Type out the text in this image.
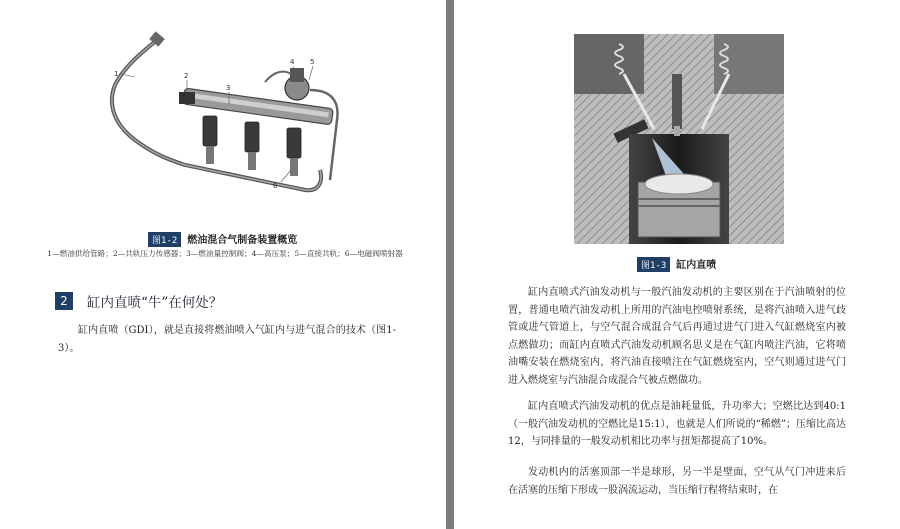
1	2
3
4 5
6
图1-2 燃油混合气制备装置概览
1—燃油供给管路；2—共轨压力传感器；3—燃油量控制阀；4—高压泵；5—直接共轨；6—电磁阀喷射器
2	缸内直喷“牛”在何处？

缸内直喷（GDI），就是直接将燃油喷入气缸内与进气混合的技术（图1-3）。

图1-3 缸内直喷

缸内直喷式汽油发动机与一般汽油发动机的主要区别在于汽油喷射的位置，普通电喷汽油发动机上所用的汽油电控喷射系统，是将汽油喷入进气歧管或进气管道上，与空气混合成混合气后再通过进气门进入气缸燃烧室内被点燃做功；而缸内直喷式汽油发动机顾名思义是在气缸内喷注汽油，它将喷油嘴安装在燃烧室内，将汽油直接喷注在气缸燃烧室内，空气则通过进气门进入燃烧室与汽油混合成混合气被点燃做功。

缸内直喷式汽油发动机的优点是油耗量低，升功率大；空燃比达到40:1（一般汽油发动机的空燃比是15:1），也就是人们所说的“稀燃”；压缩比高达12，与同排量的一般发动机相比功率与扭矩都提高了10%。

发动机内的活塞顶部一半是球形，另一半是壁面，空气从气门冲进来后在活塞的压缩下形成一股涡流运动，当压缩行程将结束时，在
